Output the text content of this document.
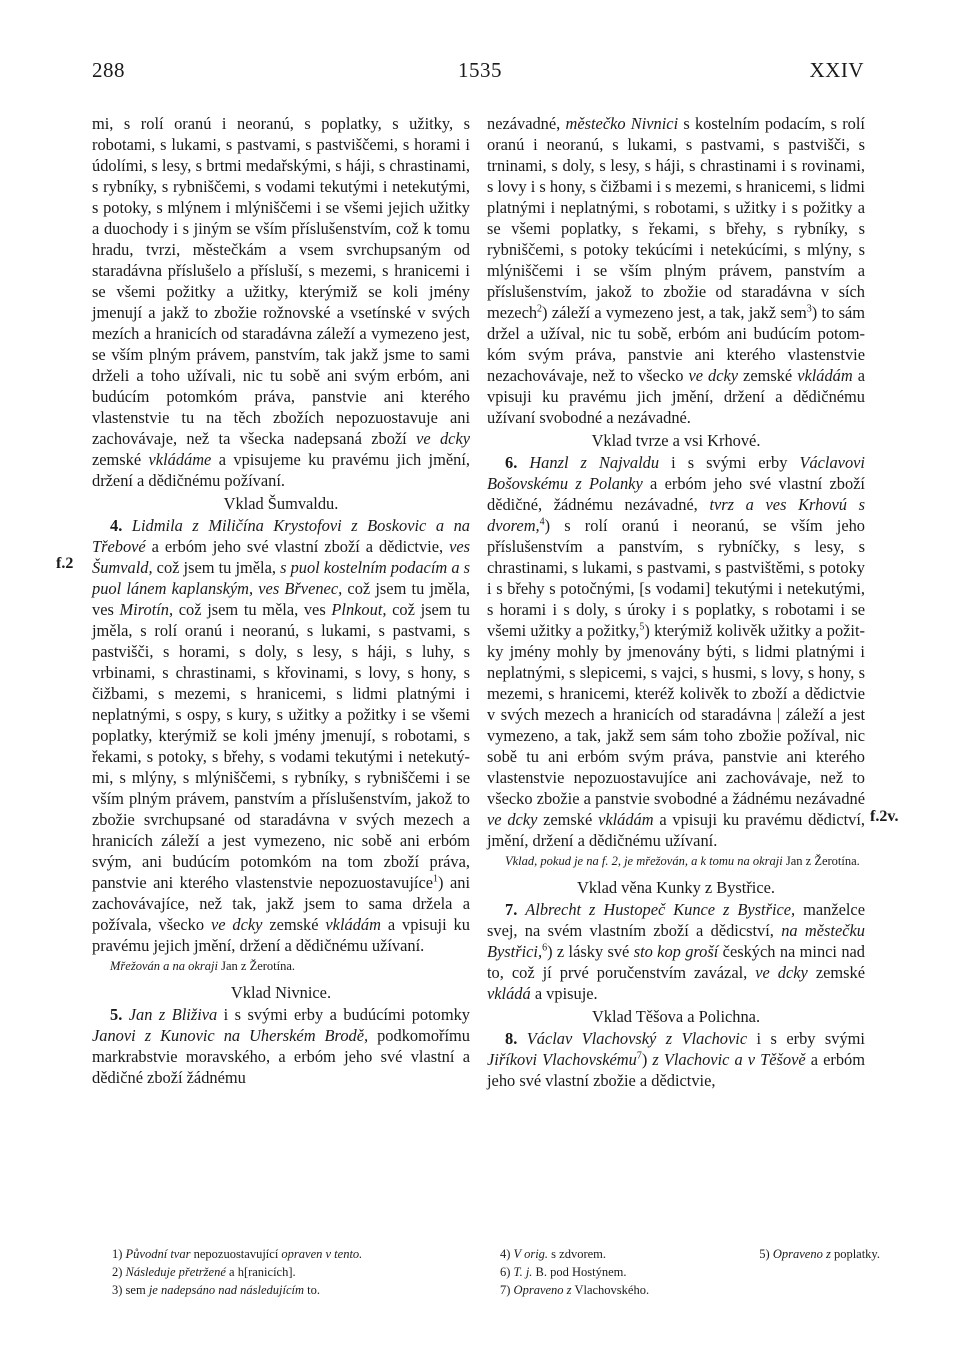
288	1535	XXIV
f.2
f.2v.

mi, s rolí oranú i neoranú, s poplatky, s užitky, s robotami, s lukami, s pastvami, s pastviščemi, s horami i údolími, s lesy, s brtmi medařskými, s háji, s chrastinami, s rybníky, s rybniščemi, s vodami tekutými i netekutými, s potoky, s mlýnem i mlýniščemi i se všemi jejich užitky a duochody i s jiným se vším příslušenstvím, což k tomu hradu, tvrzi, městečkám a vsem svrchupsaným od staradávna příslušelo a přísluší, s mezemi, s hranicemi i se všemi požitky a užitky, kterýmiž se koli jmény jmenují a jakž to zbožie rožnovské a vsetínské v svých mezích a hranicích od staradávna záleží a vymezeno jest, se vším plným právem, panstvím, tak jakž jsme to sami drželi a toho užívali, nic tu sobě ani svým erbóm, ani budúcím potomkóm práva, panstvie ani kterého vlastenstvie tu na těch zbožích nepozuostavuje ani zachovávaje, než ta všecka nadepsaná zboží ve dcky zemské vkládáme a vpisujeme ku pravému jich jmění, držení a dědičnému požívaní.

Vklad Šumvaldu.

4. Lidmila z Miličína Krystofovi z Boskovic a na Třebové a erbóm jeho své vlastní zboží a dědictvie, ves Šumvald, což jsem tu jměla, s puol kostelním podacím a s puol lánem kaplanským, ves Břvenec, což jsem tu jměla, ves Mirotín, což jsem tu měla, ves Plnkout, což jsem tu jměla, s rolí oranú i neoranú, s lukami, s pastvami, s pastvišči, s horami, s doly, s lesy, s háji, s luhy, s vrbinami, s chrastinami, s křovinami, s lovy, s hony, s čižbami, s mezemi, s hranicemi, s lidmi platnými i neplatnými, s ospy, s kury, s užitky a požitky i se všemi poplatky, kterýmiž se koli jmény jmenují, s robotami, s řekami, s potoky, s břehy, s vodami tekutými i netekutými, s mlýny, s mlýniščemi, s rybníky, s rybniščemi i se vším plným právem, panstvím a příslušenstvím, jakož to zbožie svrchupsané od staradávna v svých mezech a hranicích záleží a jest vymezeno, nic sobě ani erbóm svým, ani budúcím potomkóm na tom zboží práva, panstvie ani kterého vlastenstvie nepozuostavujíce$^1$) ani zachovávajíce, než tak, jakž jsem to sama držela a požívala, všecko ve dcky zemské vkládám a vpisuji ku pravému jejich jmění, držení a dědičnému užívaní.

Mřežován a na okraji Jan z Žerotína.
Vklad Nivnice.

5. Jan z Bliživa i s svými erby a budúcími potomky Janovi z Kunovic na Uherském Brodě, podkomořímu markrabstvie moravského, a erbóm jeho své vlastní a dědičné zboží žádnému

nezávadné, městečko Nivnici s kostelním podacím, s rolí oranú i neoranú, s lukami, s pastvami, s pastvišči, s trninami, s doly, s lesy, s háji, s chrastinami i s rovinami, s lovy i s hony, s čižbami i s mezemi, s hranicemi, s lidmi platnými i neplatnými, s robotami, s užitky i s požitky a se všemi poplatky, s řekami, s břehy, s rybníky, s rybniščemi, s potoky tekúcími i netekúcími, s mlýny, s mlýniščemi i se vším plným právem, panstvím a příslušenstvím, jakož to zbožie od staradávna v sích mezech$^2$) záleží a vymezeno jest, a tak, jakž sem$^3$) to sám držel a užíval, nic tu sobě, erbóm ani budúcím potomkóm svým práva, panstvie ani kterého vlastenstvie nezachovávaje, než to všecko ve dcky zemské vkládám a vpisuji ku pravému jich jmění, držení a dědičnému užívaní svobodné a nezávadné.

Vklad tvrze a vsi Krhové.

6. Hanzl z Najvaldu i s svými erby Václavovi Bošovskému z Polanky a erbóm jeho své vlastní zboží dědičné, žádnému nezávadné, tvrz a ves Krhovú s dvorem,$^4$) s rolí oranú i neoranú, se vším jeho příslušenstvím a panstvím, s rybníčky, s lesy, s chrastinami, s lukami, s pastvami, s pastvištěmi, s potoky i s břehy s potočnými, [s vodami] tekutými i netekutými, s horami i s doly, s úroky i s poplatky, s robotami i se všemi užitky a požitky,$^5$) kterýmiž kolivěk užitky a požitky jmény mohly by jmenovány býti, s lidmi platnými i neplatnými, s slepicemi, s vajci, s husmi, s lovy, s hony, s mezemi, s hranicemi, kteréž kolivěk to zboží a dědictvie v svých mezech a hranicích od staradávna | záleží a jest vymezeno, a tak, jakž sem sám toho zbožie požíval, nic sobě tu ani erbóm svým práva, panstvie ani kterého vlastenstvie nepozuostavujíce ani zachovávaje, než to všecko zbožie a panstvie svobodné a žádnému nezávadné ve dcky zemské vkládám a vpisuji ku pravému dědictví, jmění, držení a dědičnému užívaní.

Vklad, pokud je na f. 2, je mřežován, a k tomu na okraji Jan z Žerotína.
Vklad věna Kunky z Bystřice.

7. Albrecht z Hustopeč Kunce z Bystřice, manželce svej, na svém vlastním zboží a dědicství, na městečku Bystřici,$^6$) z lásky své sto kop groší českých na minci nad to, což jí prvé poručenstvím zavázal, ve dcky zemské vkládá a vpisuje.

Vklad Těšova a Polichna.

8. Václav Vlachovský z Vlachovic i s erby svými Jiříkovi Vlachovskému$^7$) z Vlachovic a v Těšově a erbóm jeho své vlastní zbožie a dědictvie,

1) Původní tvar nepozuostavující opraven v tento.
2) Následuje přetržené a h[ranicích].
3) sem je nadepsáno nad následujícím to.
4) V orig. s zdvorem.	5) Opraveno z poplatky.
6) T. j. B. pod Hostýnem.
7) Opraveno z Vlachovského.
